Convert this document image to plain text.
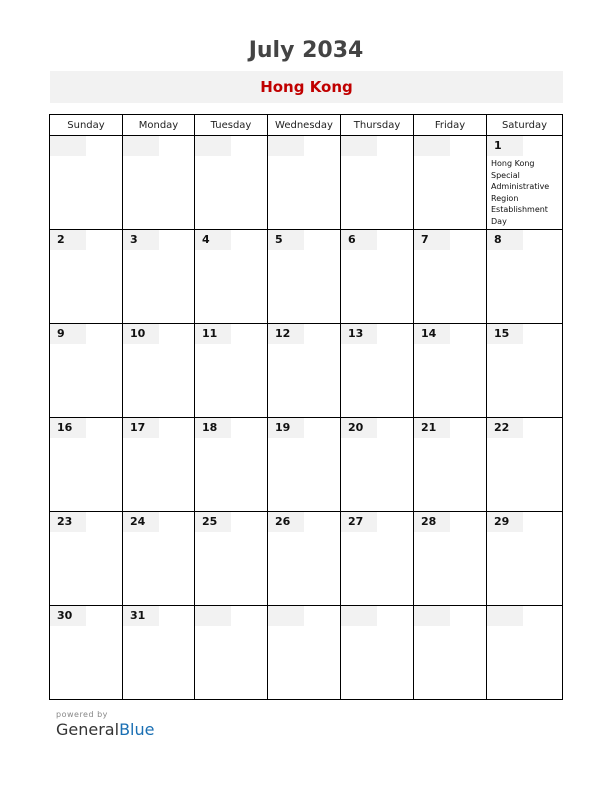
July 2034
Hong Kong
Sunday	Monday	Tuesday	Wednesday	Thursday	Friday	Saturday

						1
Hong Kong Special Administrative Region Establishment Day

2	3	4	5	6	7	8

9	10	11	12	13	14	15

16	17	18	19	20	21	22

23	24	25	26	27	28	29

30	31					

powered by
GeneralBlue
